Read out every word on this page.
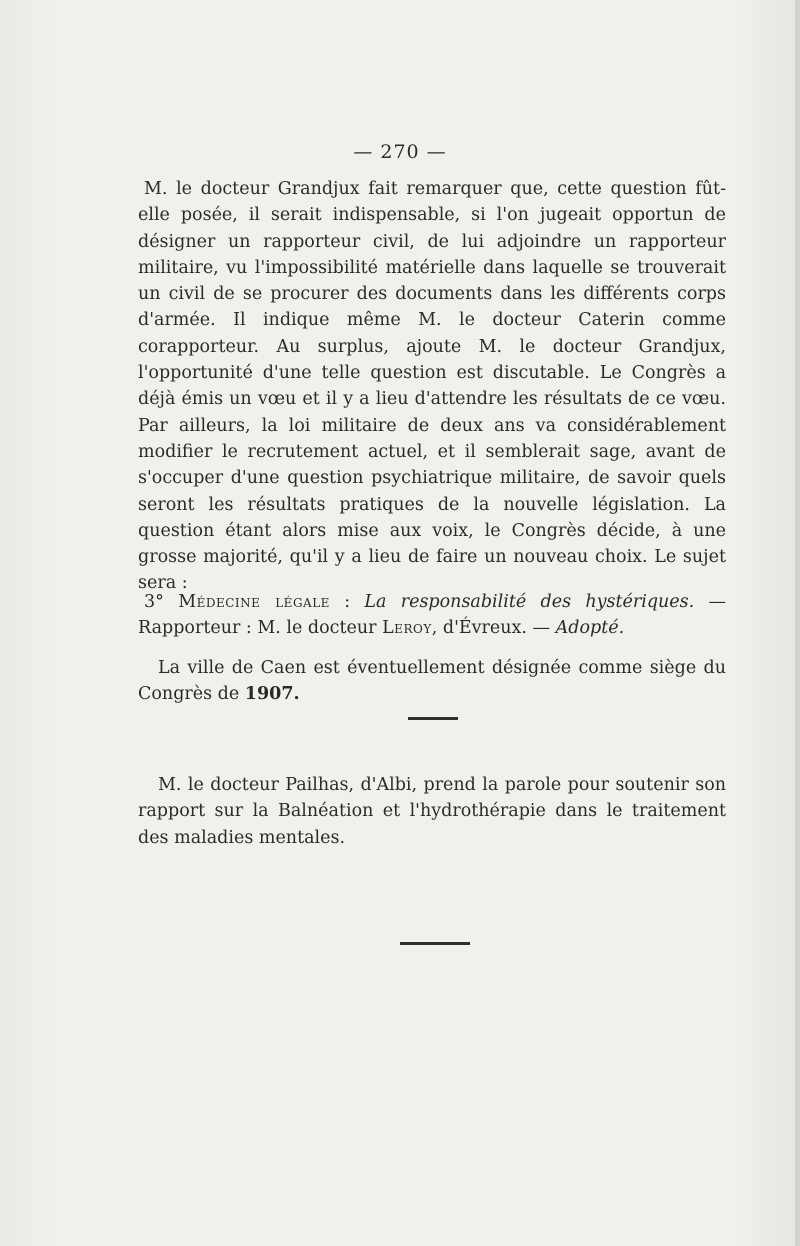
— 270 —

M. le docteur Grandjux fait remarquer que, cette question fût-elle posée, il serait indispensable, si l'on jugeait opportun de désigner un rapporteur civil, de lui adjoindre un rapporteur militaire, vu l'impossibilité matérielle dans laquelle se trouverait un civil de se procurer des documents dans les différents corps d'armée. Il indique même M. le docteur Caterin comme corapporteur. Au surplus, ajoute M. le docteur Grandjux, l'opportunité d'une telle question est discutable. Le Congrès a déjà émis un vœu et il y a lieu d'attendre les résultats de ce vœu. Par ailleurs, la loi militaire de deux ans va considérablement modifier le recrutement actuel, et il semblerait sage, avant de s'occuper d'une question psychiatrique militaire, de savoir quels seront les résultats pratiques de la nouvelle législation. La question étant alors mise aux voix, le Congrès décide, à une grosse majorité, qu'il y a lieu de faire un nouveau choix. Le sujet sera :

3° Médecine légale : La responsabilité des hystériques. — Rapporteur : M. le docteur Leroy, d'Évreux. — Adopté.

La ville de Caen est éventuellement désignée comme siège du Congrès de 1907.

M. le docteur Pailhas, d'Albi, prend la parole pour soutenir son rapport sur la Balnéation et l'hydrothérapie dans le traitement des maladies mentales.
